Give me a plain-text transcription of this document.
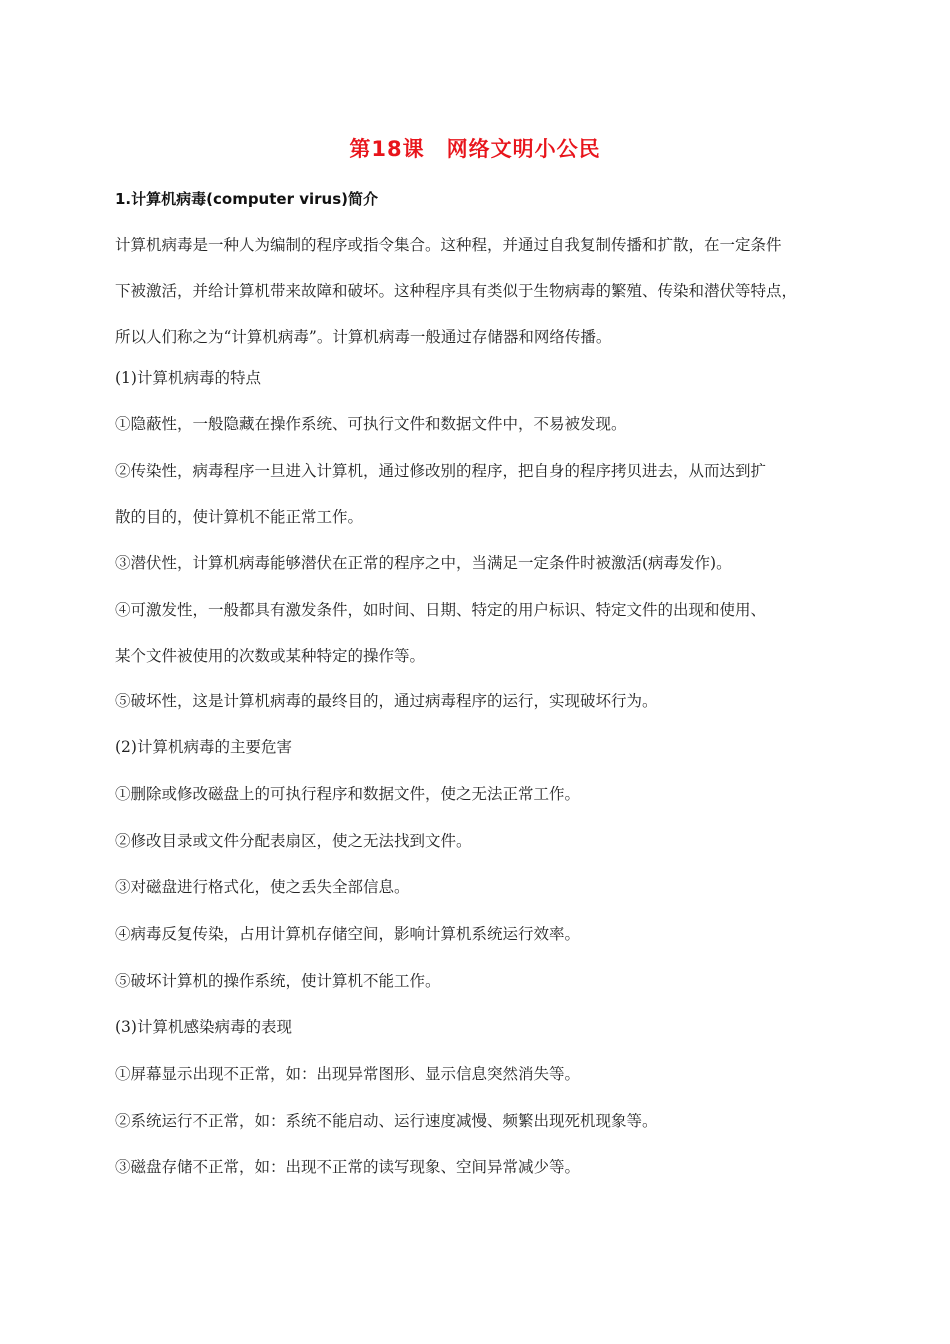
第18课 网络文明小公民
1.计算机病毒(computer virus)简介
计算机病毒是一种人为编制的程序或指令集合。这种程，并通过自我复制传播和扩散，在一定条件
下被激活，并给计算机带来故障和破坏。这种程序具有类似于生物病毒的繁殖、传染和潜伏等特点，
所以人们称之为“计算机病毒”。计算机病毒一般通过存储器和网络传播。
(1)计算机病毒的特点
①隐蔽性，一般隐藏在操作系统、可执行文件和数据文件中，不易被发现。
②传染性，病毒程序一旦进入计算机，通过修改别的程序，把自身的程序拷贝进去，从而达到扩
散的目的，使计算机不能正常工作。
③潜伏性，计算机病毒能够潜伏在正常的程序之中，当满足一定条件时被激活(病毒发作)。
④可激发性，一般都具有激发条件，如时间、日期、特定的用户标识、特定文件的出现和使用、
某个文件被使用的次数或某种特定的操作等。
⑤破坏性，这是计算机病毒的最终目的，通过病毒程序的运行，实现破坏行为。
(2)计算机病毒的主要危害
①删除或修改磁盘上的可执行程序和数据文件，使之无法正常工作。
②修改目录或文件分配表扇区，使之无法找到文件。
③对磁盘进行格式化，使之丢失全部信息。
④病毒反复传染，占用计算机存储空间，影响计算机系统运行效率。
⑤破坏计算机的操作系统，使计算机不能工作。
(3)计算机感染病毒的表现
①屏幕显示出现不正常，如：出现异常图形、显示信息突然消失等。
②系统运行不正常，如：系统不能启动、运行速度减慢、频繁出现死机现象等。
③磁盘存储不正常，如：出现不正常的读写现象、空间异常减少等。
